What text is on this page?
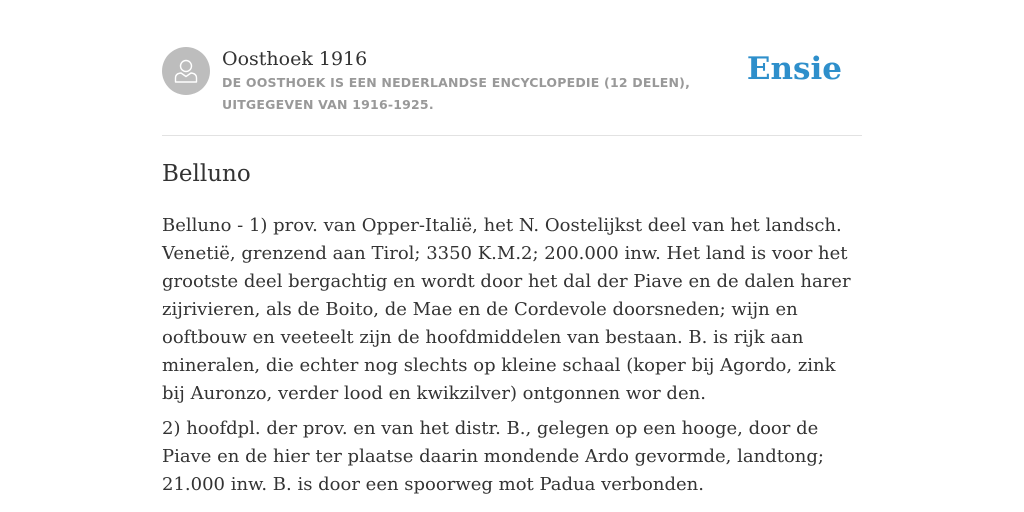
Oosthoek 1916
DE OOSTHOEK IS EEN NEDERLANDSE ENCYCLOPEDIE (12 DELEN), UITGEGEVEN VAN 1916-1925.
Ensie
Belluno

Belluno - 1) prov. van Opper-Italië, het N. Oostelijkst deel van het landsch. Venetië, grenzend aan Tirol; 3350 K.M.2; 200.000 inw. Het land is voor het grootste deel bergachtig en wordt door het dal der Piave en de dalen harer zijrivieren, als de Boito, de Mae en de Cordevole doorsneden; wijn en ooftbouw en veeteelt zijn de hoofdmiddelen van bestaan. B. is rijk aan mineralen, die echter nog slechts op kleine schaal (koper bij Agordo, zink bij Auronzo, verder lood en kwikzilver) ontgonnen wor den.

2) hoofdpl. der prov. en van het distr. B., gelegen op een hooge, door de Piave en de hier ter plaatse daarin mondende Ardo gevormde, landtong;
21.000 inw. B. is door een spoorweg mot Padua verbonden.
